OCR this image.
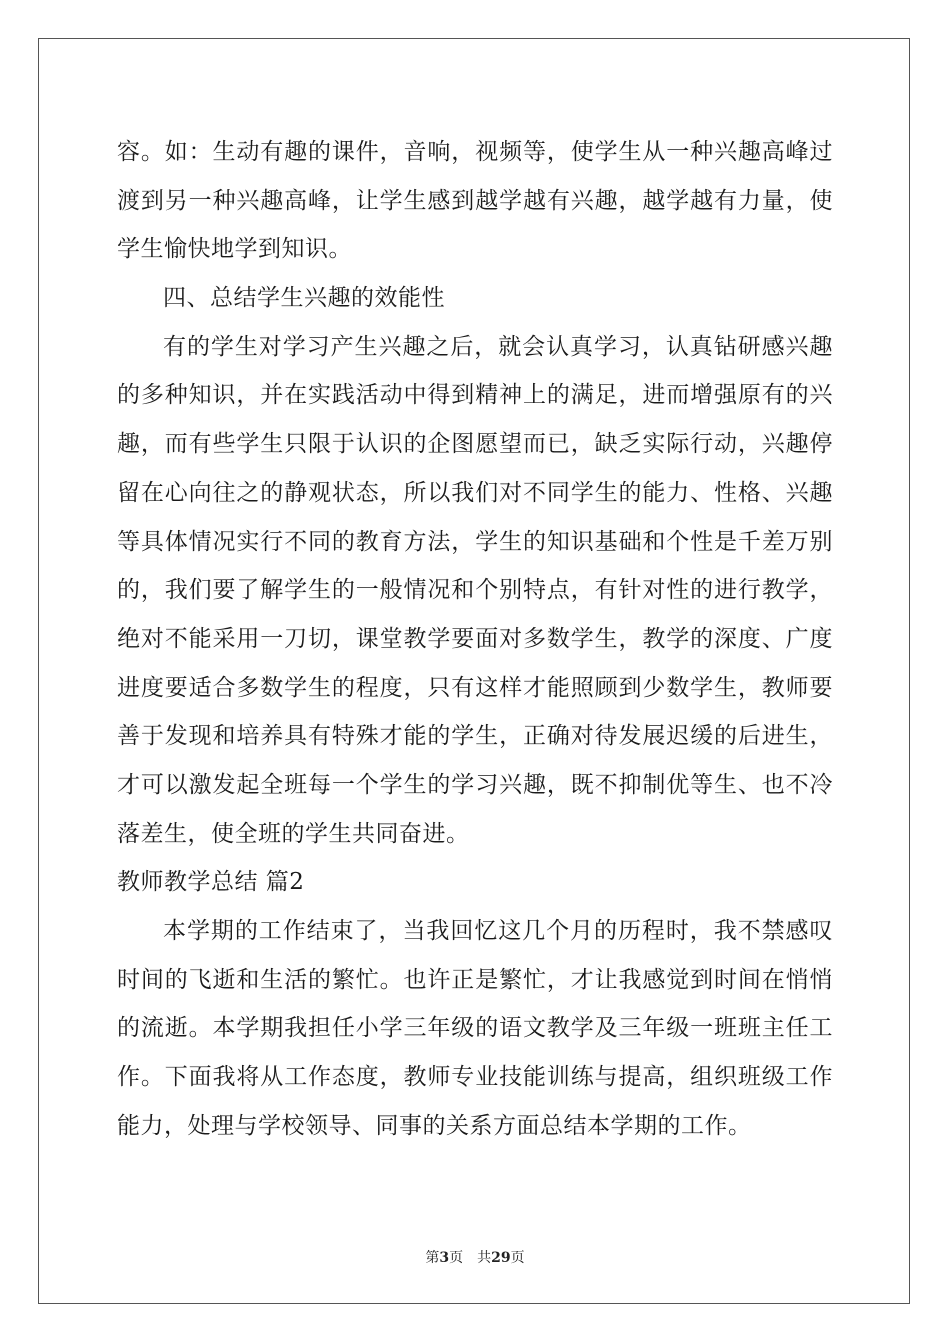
容。如：生动有趣的课件，音响，视频等，使学生从一种兴趣高峰过
渡到另一种兴趣高峰，让学生感到越学越有兴趣，越学越有力量，使
学生愉快地学到知识。
四、总结学生兴趣的效能性
有的学生对学习产生兴趣之后，就会认真学习，认真钻研感兴趣
的多种知识，并在实践活动中得到精神上的满足，进而增强原有的兴
趣，而有些学生只限于认识的企图愿望而已，缺乏实际行动，兴趣停
留在心向往之的静观状态，所以我们对不同学生的能力、性格、兴趣
等具体情况实行不同的教育方法，学生的知识基础和个性是千差万别
的，我们要了解学生的一般情况和个别特点，有针对性的进行教学，
绝对不能采用一刀切，课堂教学要面对多数学生，教学的深度、广度
进度要适合多数学生的程度，只有这样才能照顾到少数学生，教师要
善于发现和培养具有特殊才能的学生，正确对待发展迟缓的后进生，
才可以激发起全班每一个学生的学习兴趣，既不抑制优等生、也不冷
落差生，使全班的学生共同奋进。
教师教学总结 篇2
本学期的工作结束了，当我回忆这几个月的历程时，我不禁感叹
时间的飞逝和生活的繁忙。也许正是繁忙，才让我感觉到时间在悄悄
的流逝。本学期我担任小学三年级的语文教学及三年级一班班主任工
作。下面我将从工作态度，教师专业技能训练与提高，组织班级工作
能力，处理与学校领导、同事的关系方面总结本学期的工作。
第3页 共29页
